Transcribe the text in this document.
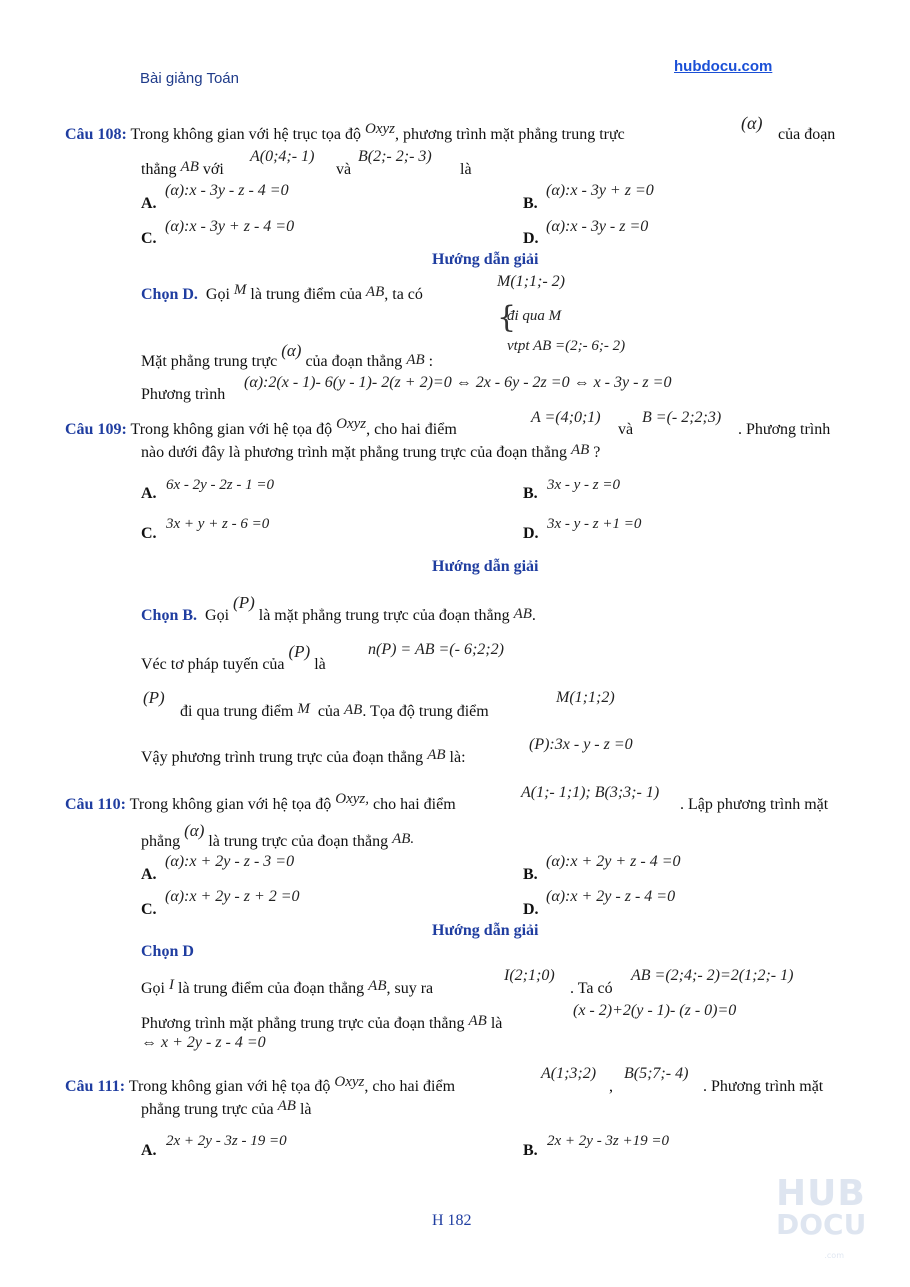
Bài giảng Toán
hubdocu.com
Câu 108: Trong không gian với hệ trục tọa độ Oxyz, phương trình mặt phẳng trung trực
(α)
của đoạn
thẳng AB với
A(0;4;- 1)
và
B(2;- 2;- 3)
là
A.
(α):x - 3y - z - 4 =0
B.
(α):x - 3y + z =0
C.
(α):x - 3y + z - 4 =0
D.
(α):x - 3y - z =0
Hướng dẫn giải
Chọn D. Gọi M là trung điểm của AB, ta có
M(1;1;- 2)
{
đi qua M
vtpt AB =(2;- 6;- 2)
Mặt phẳng trung trực (α) của đoạn thẳng AB :
Phương trình
(α):2(x - 1)- 6(y - 1)- 2(z + 2)=0 ⇔ 2x - 6y - 2z =0 ⇔ x - 3y - z =0
Câu 109: Trong không gian với hệ tọa độ Oxyz, cho hai điểm
A =(4;0;1)
và
B =(- 2;2;3)
. Phương trình
nào dưới đây là phương trình mặt phẳng trung trực của đoạn thẳng AB ?
A. 6x - 2y - 2z - 1 =0	B. 3x - y - z =0
C.
3x + y + z - 6 =0
D.
3x - y - z +1 =0
Hướng dẫn giải
Chọn B. Gọi (P) là mặt phẳng trung trực của đoạn thẳng AB.
Véc tơ pháp tuyến của (P) là
n(P) = AB =(- 6;2;2)
(P)
đi qua trung điểm M của AB. Tọa độ trung điểm
M(1;1;2)
Vậy phương trình trung trực của đoạn thẳng AB là:
(P):3x - y - z =0
Câu 110: Trong không gian với hệ tọa độ Oxyz, cho hai điểm
A(1;- 1;1); B(3;3;- 1)
. Lập phương trình mặt
phẳng (α) là trung trực của đoạn thẳng AB.
A.
(α):x + 2y - z - 3 =0
B.
(α):x + 2y + z - 4 =0
C.
(α):x + 2y - z + 2 =0
D.
(α):x + 2y - z - 4 =0
Hướng dẫn giải
Chọn D
Gọi I là trung điểm của đoạn thẳng AB, suy ra
I(2;1;0)
. Ta có
AB =(2;4;- 2)=2(1;2;- 1)
Phương trình mặt phẳng trung trực của đoạn thẳng AB là
(x - 2)+2(y - 1)- (z - 0)=0
⇔ x + 2y - z - 4 =0
Câu 111: Trong không gian với hệ tọa độ Oxyz, cho hai điểm
A(1;3;2)
,
B(5;7;- 4)
. Phương trình mặt
phẳng trung trực của AB là
A.
2x + 2y - 3z - 19 =0
B.
2x + 2y - 3z +19 =0
H 182
HUB
DOCU
.com
